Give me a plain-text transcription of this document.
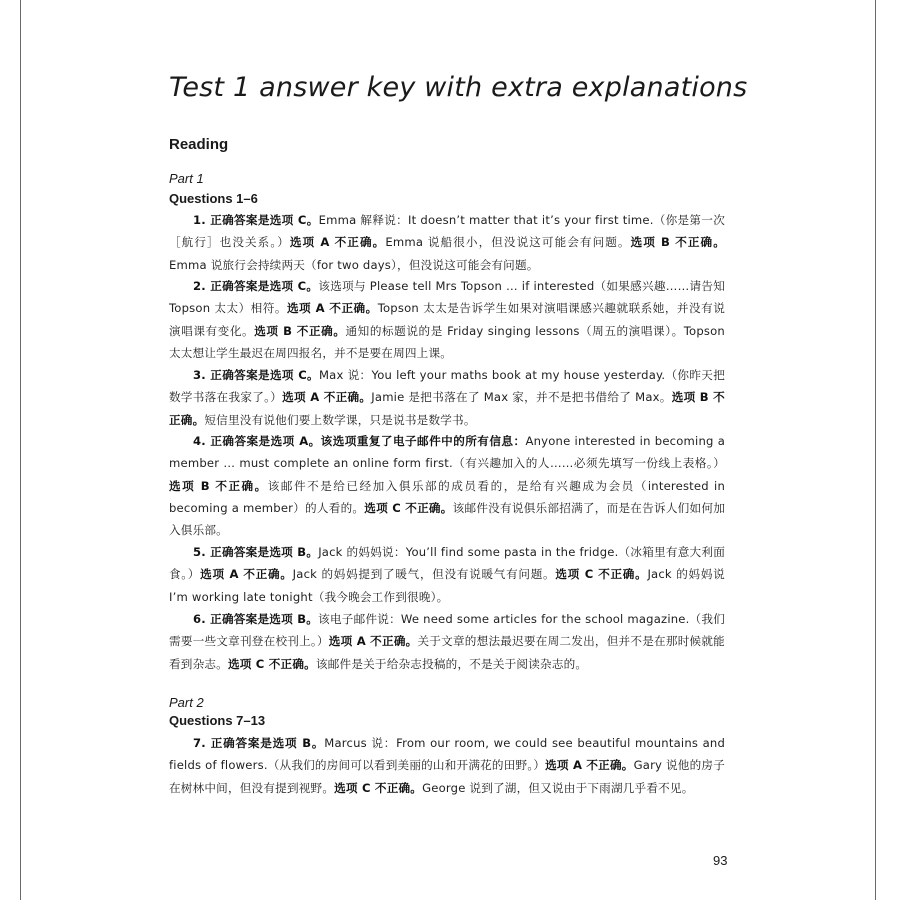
Test 1 answer key with extra explanations
Reading
Part 1
Questions 1–6

1. 正确答案是选项 C。Emma 解释说：It doesn’t matter that it’s your first time.（你是第一次［航行］也没关系。）选项 A 不正确。Emma 说船很小，但没说这可能会有问题。选项 B 不正确。Emma 说旅行会持续两天（for two days），但没说这可能会有问题。

2. 正确答案是选项 C。该选项与 Please tell Mrs Topson … if interested（如果感兴趣……请告知 Topson 太太）相符。选项 A 不正确。Topson 太太是告诉学生如果对演唱课感兴趣就联系她，并没有说演唱课有变化。选项 B 不正确。通知的标题说的是 Friday singing lessons（周五的演唱课）。Topson 太太想让学生最迟在周四报名，并不是要在周四上课。

3. 正确答案是选项 C。Max 说：You left your maths book at my house yesterday.（你昨天把数学书落在我家了。）选项 A 不正确。Jamie 是把书落在了 Max 家，并不是把书借给了 Max。选项 B 不正确。短信里没有说他们要上数学课，只是说书是数学书。

4. 正确答案是选项 A。该选项重复了电子邮件中的所有信息：Anyone interested in becoming a member … must complete an online form first.（有兴趣加入的人……必须先填写一份线上表格。）选项 B 不正确。该邮件不是给已经加入俱乐部的成员看的，是给有兴趣成为会员（interested in becoming a member）的人看的。选项 C 不正确。该邮件没有说俱乐部招满了，而是在告诉人们如何加入俱乐部。

5. 正确答案是选项 B。Jack 的妈妈说：You’ll find some pasta in the fridge.（冰箱里有意大利面食。）选项 A 不正确。Jack 的妈妈提到了暖气，但没有说暖气有问题。选项 C 不正确。Jack 的妈妈说 I’m working late tonight（我今晚会工作到很晚）。

6. 正确答案是选项 B。该电子邮件说：We need some articles for the school magazine.（我们需要一些文章刊登在校刊上。）选项 A 不正确。关于文章的想法最迟要在周二发出，但并不是在那时候就能看到杂志。选项 C 不正确。该邮件是关于给杂志投稿的，不是关于阅读杂志的。

Part 2
Questions 7–13

7. 正确答案是选项 B。Marcus 说：From our room, we could see beautiful mountains and fields of flowers.（从我们的房间可以看到美丽的山和开满花的田野。）选项 A 不正确。Gary 说他的房子在树林中间，但没有提到视野。选项 C 不正确。George 说到了湖，但又说由于下雨湖几乎看不见。

93
